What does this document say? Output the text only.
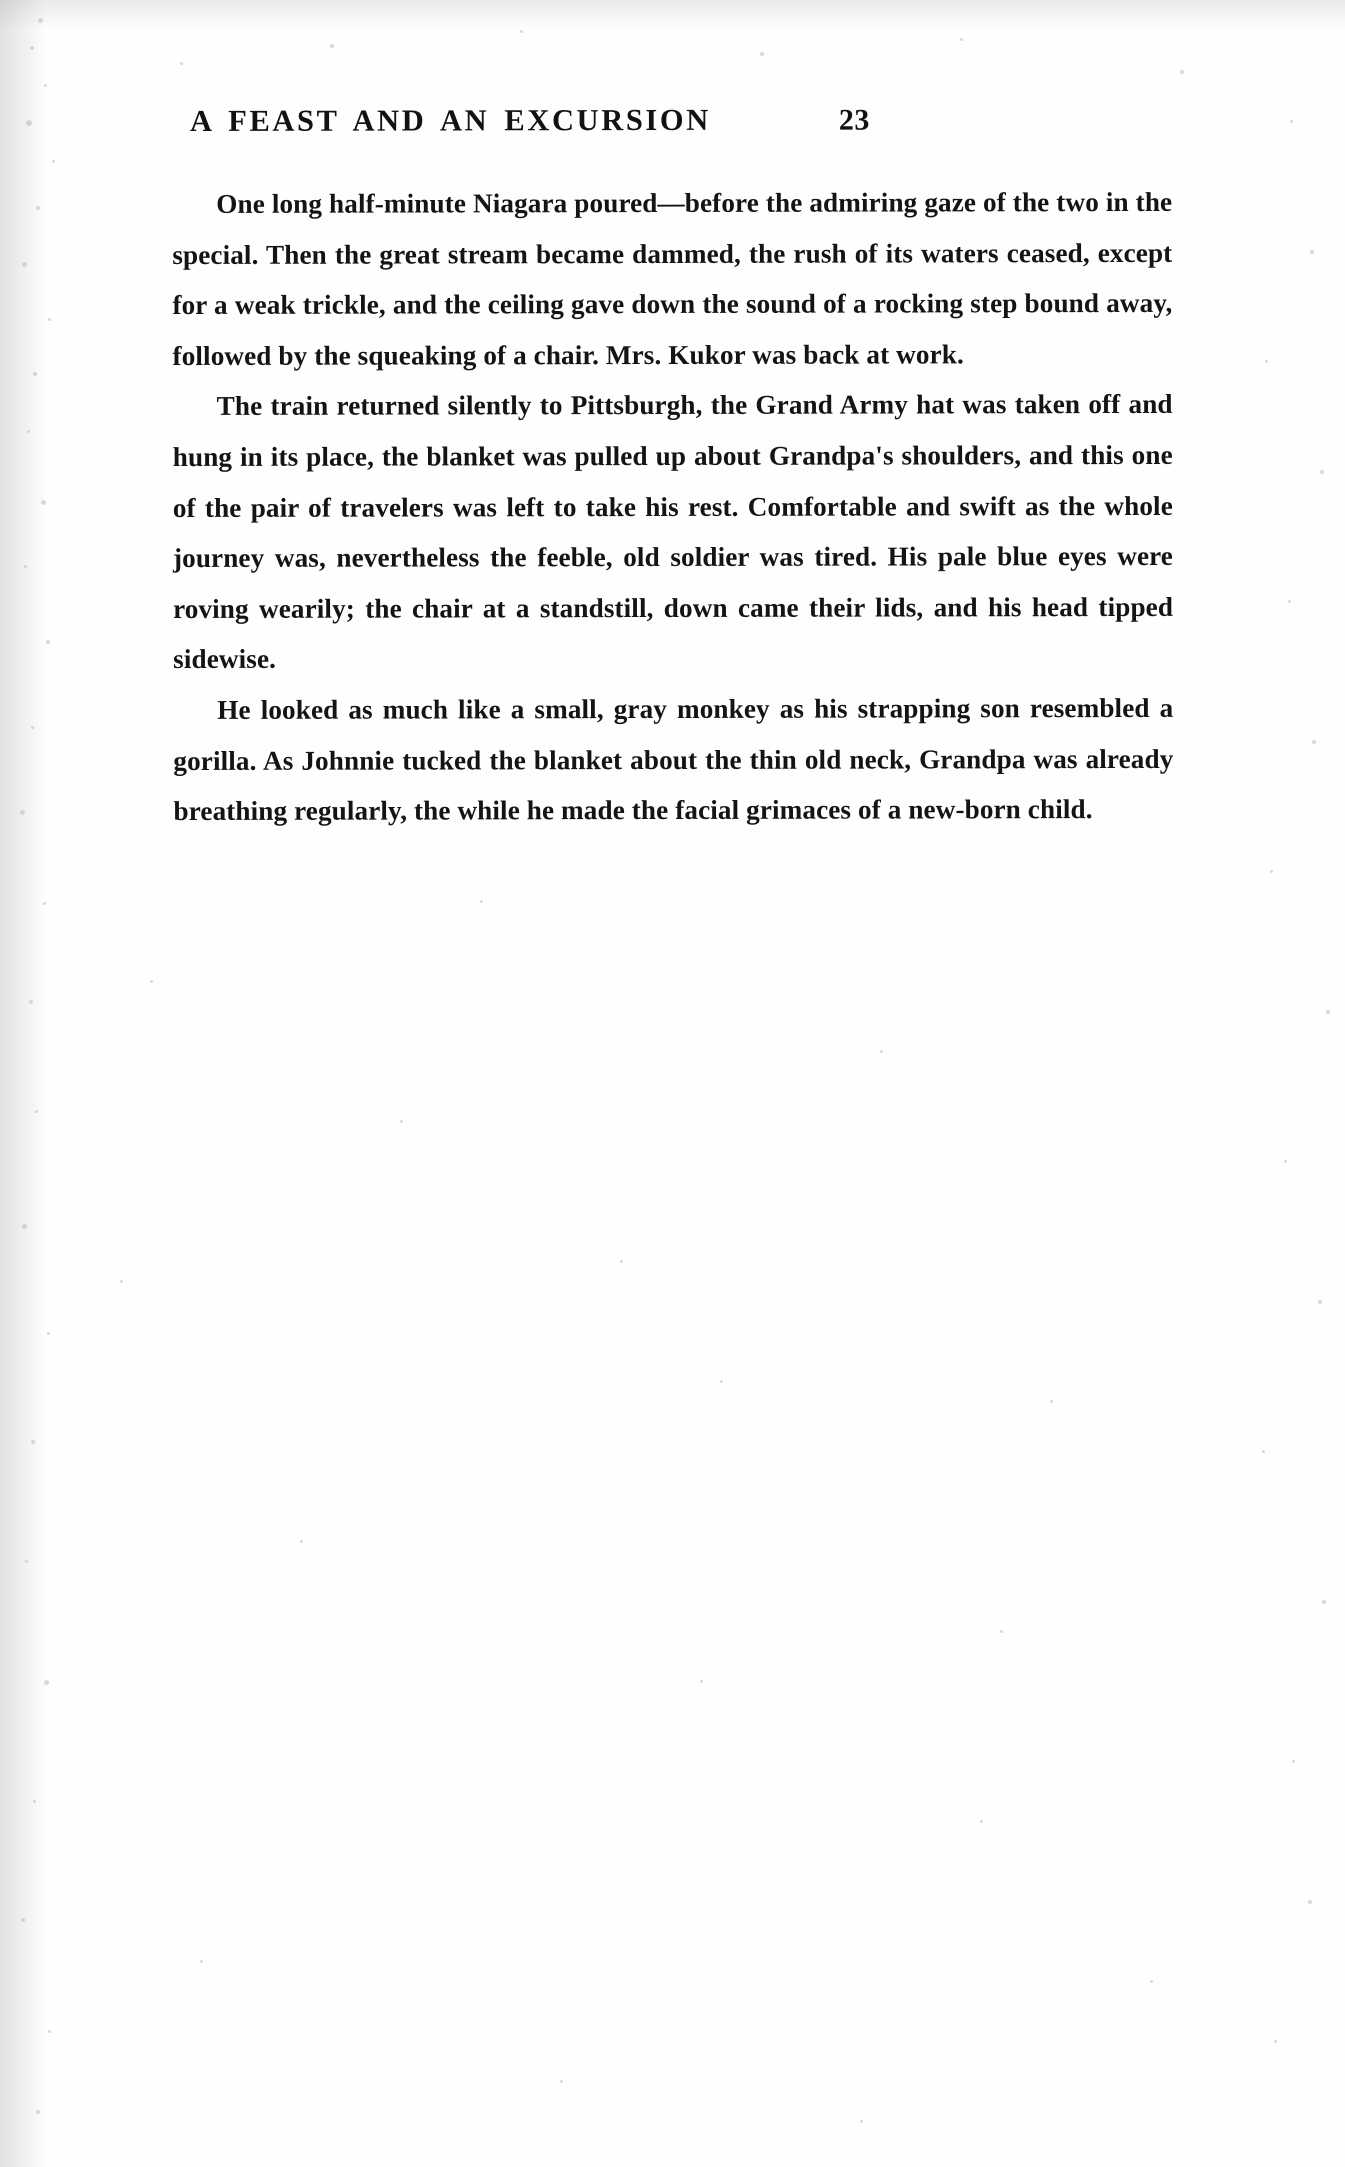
A FEAST AND AN EXCURSION	23

One long half-minute Niagara poured—before the admiring gaze of the two in the special. Then the great stream became dammed, the rush of its waters ceased, except for a weak trickle, and the ceiling gave down the sound of a rocking step bound away, followed by the squeaking of a chair. Mrs. Kukor was back at work.

The train returned silently to Pittsburgh, the Grand Army hat was taken off and hung in its place, the blanket was pulled up about Grandpa's shoulders, and this one of the pair of travelers was left to take his rest. Comfortable and swift as the whole journey was, nevertheless the feeble, old soldier was tired. His pale blue eyes were roving wearily; the chair at a standstill, down came their lids, and his head tipped sidewise.

He looked as much like a small, gray monkey as his strapping son resembled a gorilla. As Johnnie tucked the blanket about the thin old neck, Grandpa was already breathing regularly, the while he made the facial grimaces of a new-born child.
